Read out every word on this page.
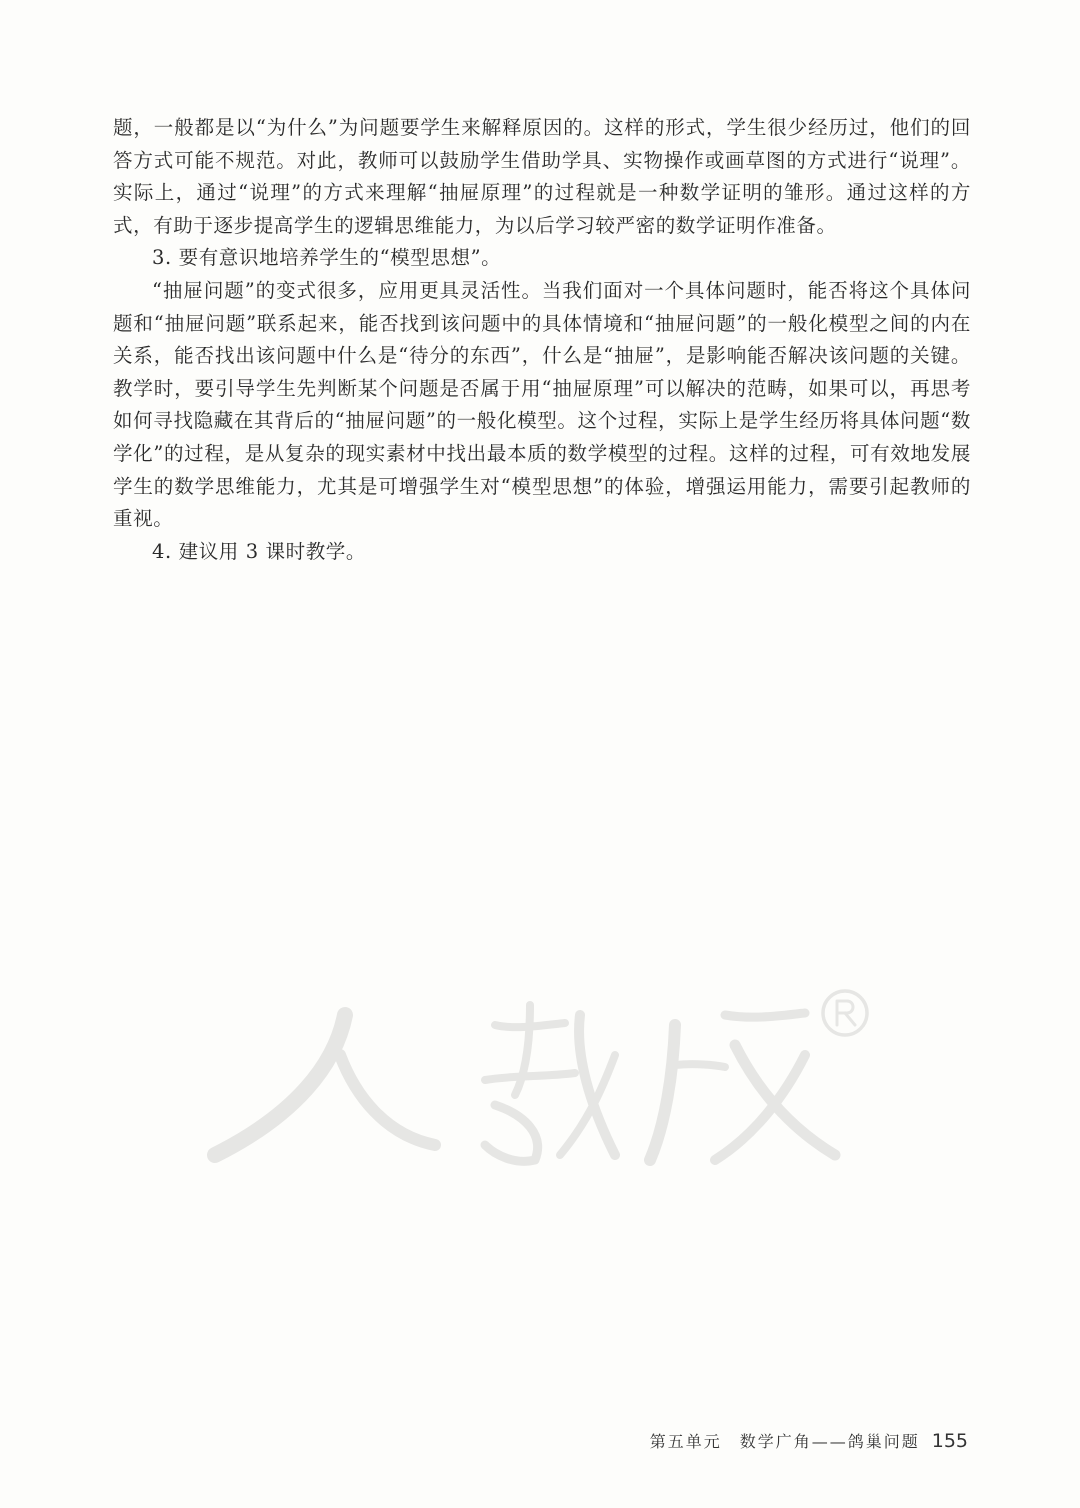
题，一般都是以“为什么”为问题要学生来解释原因的。这样的形式，学生很少经历过，他们的回答方式可能不规范。对此，教师可以鼓励学生借助学具、实物操作或画草图的方式进行“说理”。实际上，通过“说理”的方式来理解“抽屉原理”的过程就是一种数学证明的雏形。通过这样的方式，有助于逐步提高学生的逻辑思维能力，为以后学习较严密的数学证明作准备。

3. 要有意识地培养学生的“模型思想”。

“抽屉问题”的变式很多，应用更具灵活性。当我们面对一个具体问题时，能否将这个具体问题和“抽屉问题”联系起来，能否找到该问题中的具体情境和“抽屉问题”的一般化模型之间的内在关系，能否找出该问题中什么是“待分的东西”，什么是“抽屉”，是影响能否解决该问题的关键。教学时，要引导学生先判断某个问题是否属于用“抽屉原理”可以解决的范畴，如果可以，再思考如何寻找隐藏在其背后的“抽屉问题”的一般化模型。这个过程，实际上是学生经历将具体问题“数学化”的过程，是从复杂的现实素材中找出最本质的数学模型的过程。这样的过程，可有效地发展学生的数学思维能力，尤其是可增强学生对“模型思想”的体验，增强运用能力，需要引起教师的重视。

4. 建议用 3 课时教学。

第五单元　数学广角——鸽巢问题 155
